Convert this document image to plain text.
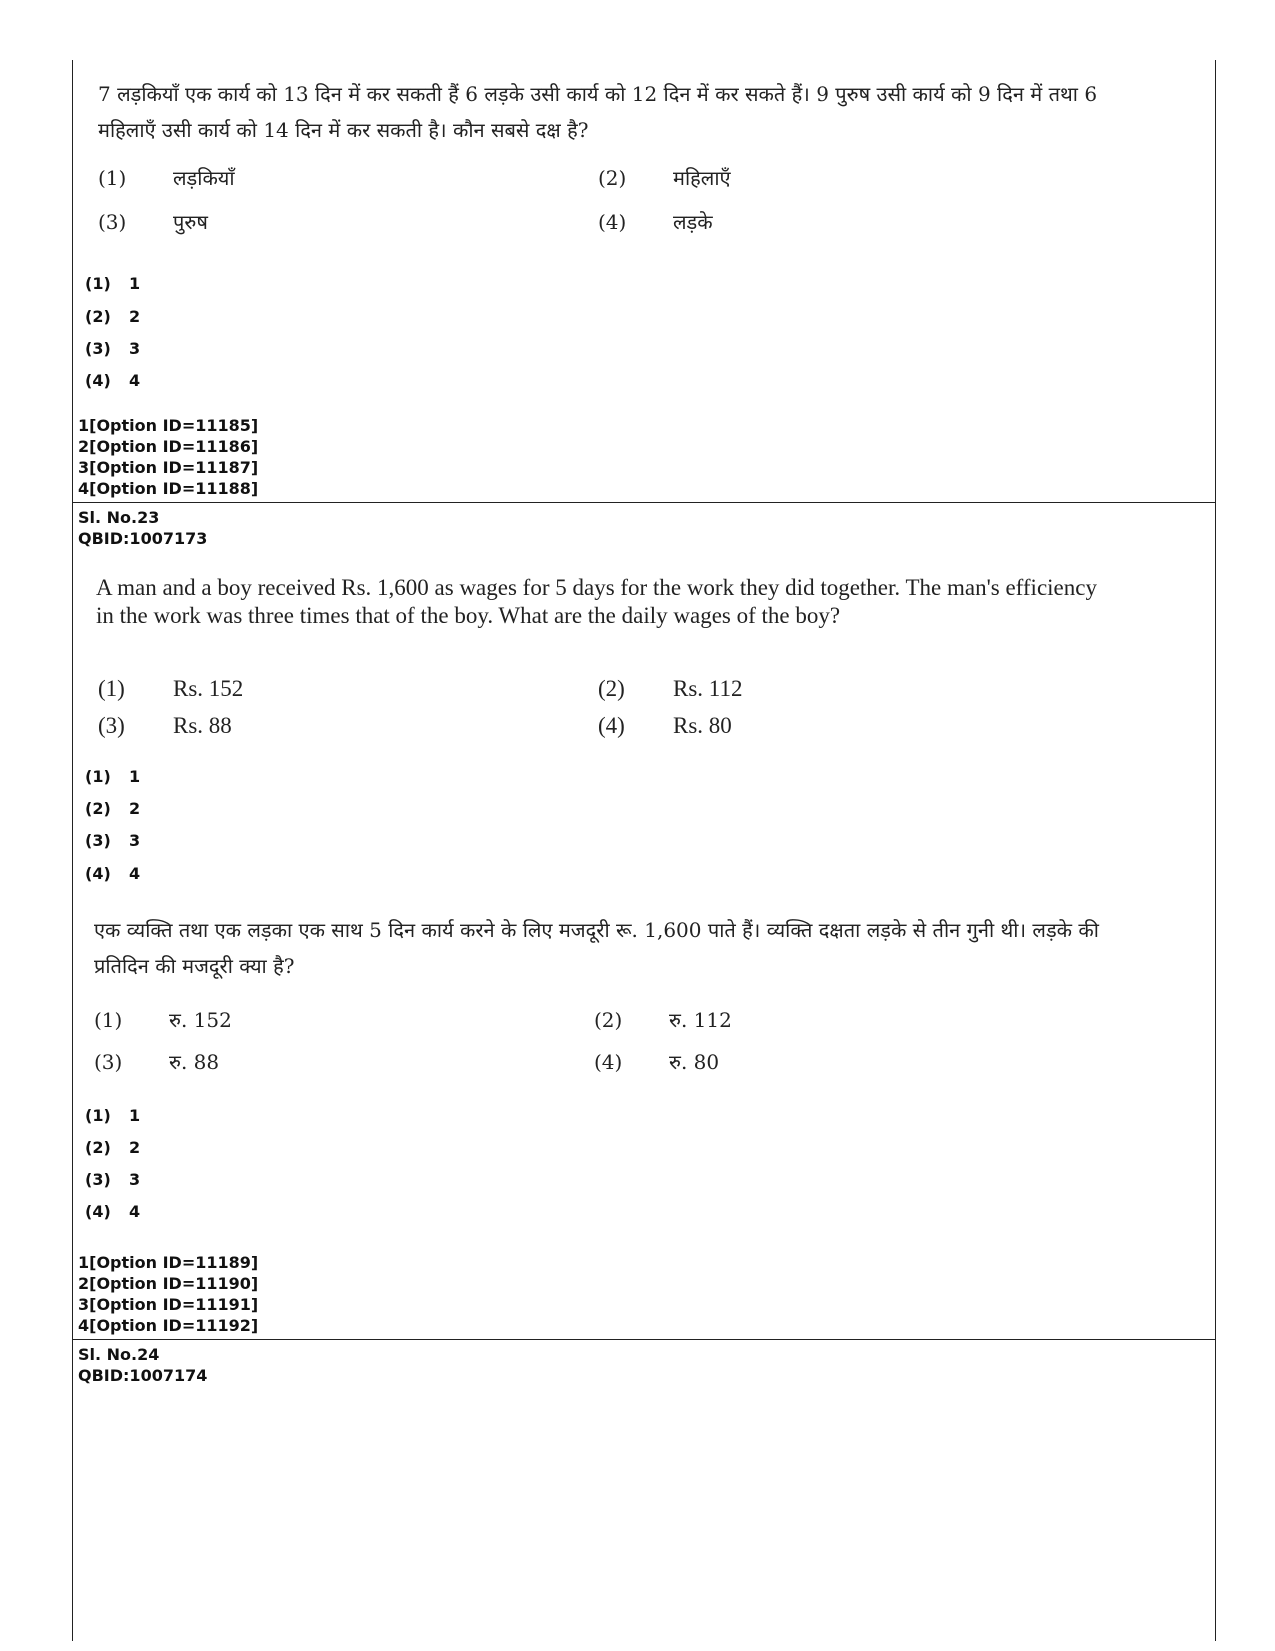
7 लड़कियाँ एक कार्य को 13 दिन में कर सकती हैं 6 लड़के उसी कार्य को 12 दिन में कर सकते हैं। 9 पुरुष उसी कार्य को 9 दिन में तथा 6 महिलाएँ उसी कार्य को 14 दिन में कर सकती है। कौन सबसे दक्ष है?
(1) लड़कियाँ	(2) महिलाएँ
(3) पुरुष	(4) लड़के
(1) 1
(2) 2
(3) 3
(4) 4
1[Option ID=11185]
2[Option ID=11186]
3[Option ID=11187]
4[Option ID=11188]
Sl. No.23
QBID:1007173
A man and a boy received Rs. 1,600 as wages for 5 days for the work they did together. The man's efficiency in the work was three times that of the boy. What are the daily wages of the boy?
(1) Rs. 152	(2) Rs. 112
(3) Rs. 88	(4) Rs. 80
(1) 1
(2) 2
(3) 3
(4) 4
एक व्यक्ति तथा एक लड़का एक साथ 5 दिन कार्य करने के लिए मजदूरी रू. 1,600 पाते हैं। व्यक्ति दक्षता लड़के से तीन गुनी थी। लड़के की प्रतिदिन की मजदूरी क्या है?
(1) रु. 152	(2) रु. 112
(3) रु. 88	(4) रु. 80
(1) 1
(2) 2
(3) 3
(4) 4
1[Option ID=11189]
2[Option ID=11190]
3[Option ID=11191]
4[Option ID=11192]
Sl. No.24
QBID:1007174
